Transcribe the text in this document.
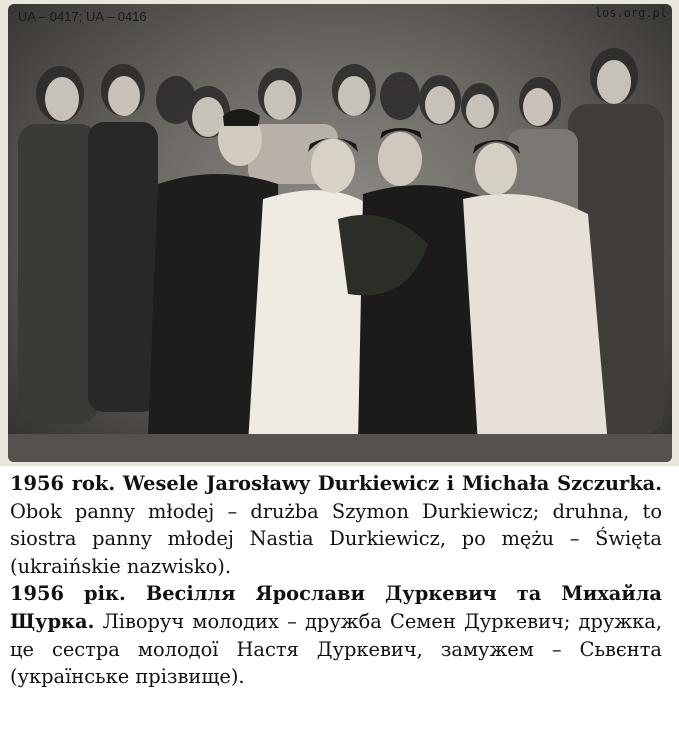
UA – 0417; UA – 0416	los.org.pl

1956 rok. Wesele Jarosławy Durkiewicz i Michała Szczurka. Obok panny młodej – drużba Szymon Durkiewicz; druhna, to siostra panny młodej Nastia Durkiewicz, po mężu – Święta (ukraińskie nazwisko).

1956 рік. Весілля Ярослави Дуркевич та Михайла Щурка. Ліворуч молодих – дружба Семен Дуркевич; дружка, це сестра молодої Настя Дуркевич, замужем – Сьвєнта (українське прізвище).
